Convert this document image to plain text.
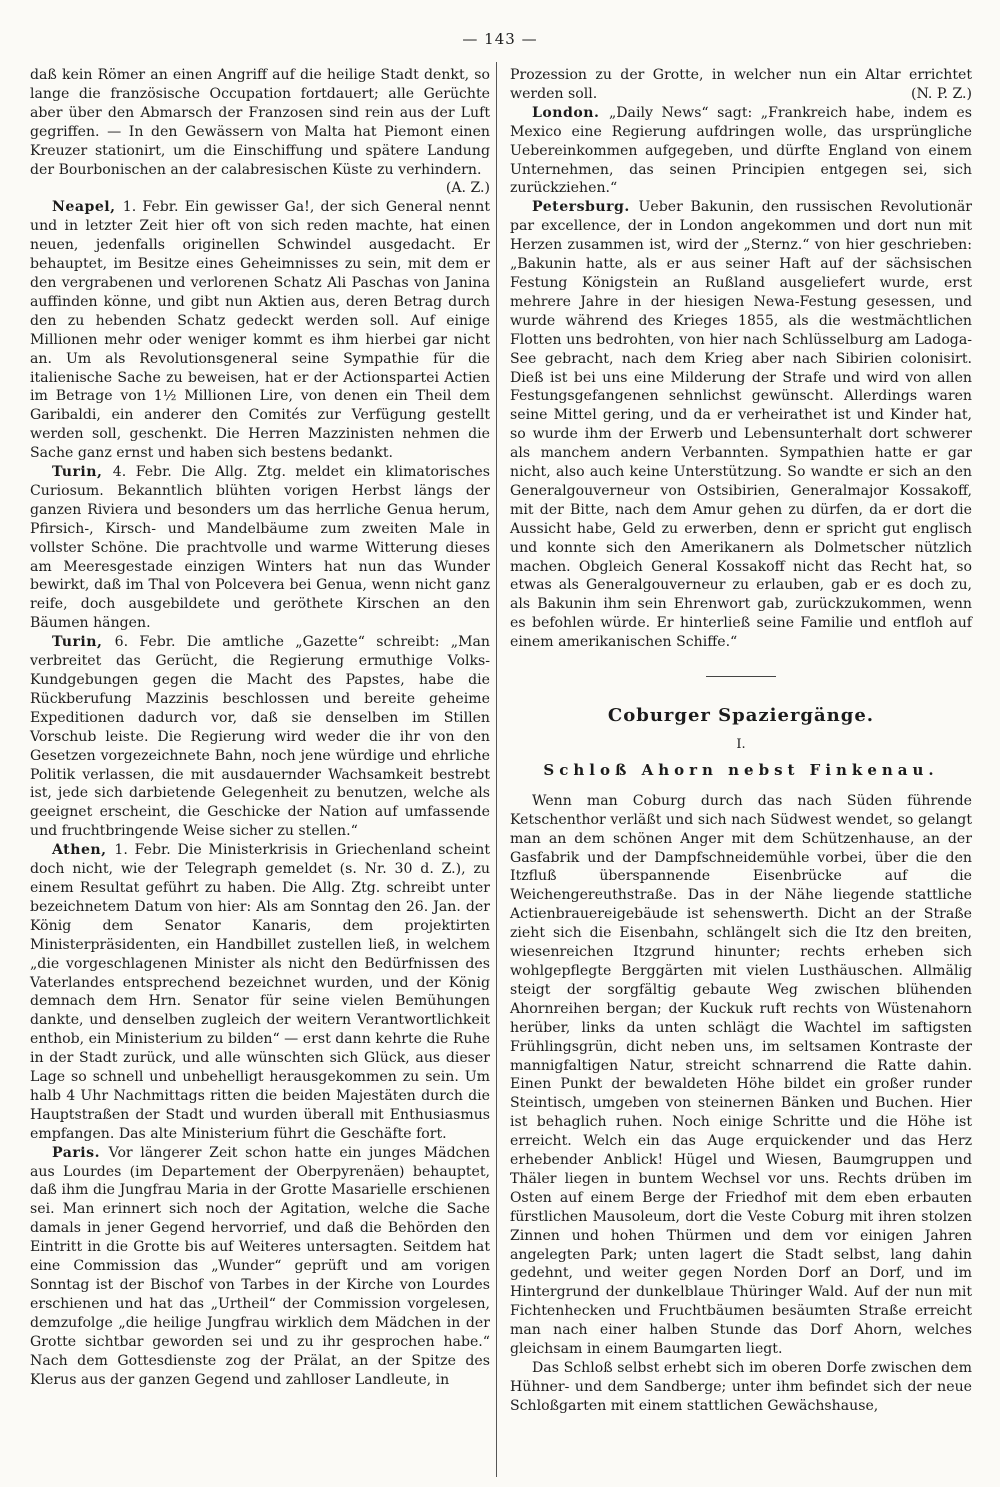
— 143 —

daß kein Römer an einen Angriff auf die heilige Stadt denkt, so lange die französische Occupation fortdauert; alle Gerüchte aber über den Abmarsch der Franzosen sind rein aus der Luft gegriffen. — In den Gewässern von Malta hat Piemont einen Kreuzer stationirt, um die Einschiffung und spätere Landung der Bourbonischen an der calabresischen Küste zu verhindern.
(A. Z.)

Neapel, 1. Febr. Ein gewisser Ga!, der sich General nennt und in letzter Zeit hier oft von sich reden machte, hat einen neuen, jedenfalls originellen Schwindel ausgedacht. Er behauptet, im Besitze eines Geheimnisses zu sein, mit dem er den vergrabenen und verlorenen Schatz Ali Paschas von Janina auffinden könne, und gibt nun Aktien aus, deren Betrag durch den zu hebenden Schatz gedeckt werden soll. Auf einige Millionen mehr oder weniger kommt es ihm hierbei gar nicht an. Um als Revolutionsgeneral seine Sympathie für die italienische Sache zu beweisen, hat er der Actionspartei Actien im Betrage von 1½ Millionen Lire, von denen ein Theil dem Garibaldi, ein anderer den Comités zur Verfügung gestellt werden soll, geschenkt. Die Herren Mazzinisten nehmen die Sache ganz ernst und haben sich bestens bedankt.

Turin, 4. Febr. Die Allg. Ztg. meldet ein klimatorisches Curiosum. Bekanntlich blühten vorigen Herbst längs der ganzen Riviera und besonders um das herrliche Genua herum, Pfirsich-, Kirsch- und Mandelbäume zum zweiten Male in vollster Schöne. Die prachtvolle und warme Witterung dieses am Meeresgestade einzigen Winters hat nun das Wunder bewirkt, daß im Thal von Polcevera bei Genua, wenn nicht ganz reife, doch ausgebildete und geröthete Kirschen an den Bäumen hängen.

Turin, 6. Febr. Die amtliche „Gazette“ schreibt: „Man verbreitet das Gerücht, die Regierung ermuthige Volks-Kundgebungen gegen die Macht des Papstes, habe die Rückberufung Mazzinis beschlossen und bereite geheime Expeditionen dadurch vor, daß sie denselben im Stillen Vorschub leiste. Die Regierung wird weder die ihr von den Gesetzen vorgezeichnete Bahn, noch jene würdige und ehrliche Politik verlassen, die mit ausdauernder Wachsamkeit bestrebt ist, jede sich darbietende Gelegenheit zu benutzen, welche als geeignet erscheint, die Geschicke der Nation auf umfassende und fruchtbringende Weise sicher zu stellen.“

Athen, 1. Febr. Die Ministerkrisis in Griechenland scheint doch nicht, wie der Telegraph gemeldet (s. Nr. 30 d. Z.), zu einem Resultat geführt zu haben. Die Allg. Ztg. schreibt unter bezeichnetem Datum von hier: Als am Sonntag den 26. Jan. der König dem Senator Kanaris, dem projektirten Ministerpräsidenten, ein Handbillet zustellen ließ, in welchem „die vorgeschlagenen Minister als nicht den Bedürfnissen des Vaterlandes entsprechend bezeichnet wurden, und der König demnach dem Hrn. Senator für seine vielen Bemühungen dankte, und denselben zugleich der weitern Verantwortlichkeit enthob, ein Ministerium zu bilden“ — erst dann kehrte die Ruhe in der Stadt zurück, und alle wünschten sich Glück, aus dieser Lage so schnell und unbehelligt herausgekommen zu sein. Um halb 4 Uhr Nachmittags ritten die beiden Majestäten durch die Hauptstraßen der Stadt und wurden überall mit Enthusiasmus empfangen. Das alte Ministerium führt die Geschäfte fort.

Paris. Vor längerer Zeit schon hatte ein junges Mädchen aus Lourdes (im Departement der Oberpyrenäen) behauptet, daß ihm die Jungfrau Maria in der Grotte Masarielle erschienen sei. Man erinnert sich noch der Agitation, welche die Sache damals in jener Gegend hervorrief, und daß die Behörden den Eintritt in die Grotte bis auf Weiteres untersagten. Seitdem hat eine Commission das „Wunder“ geprüft und am vorigen Sonntag ist der Bischof von Tarbes in der Kirche von Lourdes erschienen und hat das „Urtheil“ der Commission vorgelesen, demzufolge „die heilige Jungfrau wirklich dem Mädchen in der Grotte sichtbar geworden sei und zu ihr gesprochen habe.“ Nach dem Gottesdienste zog der Prälat, an der Spitze des Klerus aus der ganzen Gegend und zahlloser Landleute, in

Prozession zu der Grotte, in welcher nun ein Altar errichtet werden soll.	(N. P. Z.)

London. „Daily News“ sagt: „Frankreich habe, indem es Mexico eine Regierung aufdringen wolle, das ursprüngliche Uebereinkommen aufgegeben, und dürfte England von einem Unternehmen, das seinen Principien entgegen sei, sich zurückziehen.“

Petersburg. Ueber Bakunin, den russischen Revolutionär par excellence, der in London angekommen und dort nun mit Herzen zusammen ist, wird der „Sternz.“ von hier geschrieben: „Bakunin hatte, als er aus seiner Haft auf der sächsischen Festung Königstein an Rußland ausgeliefert wurde, erst mehrere Jahre in der hiesigen Newa-Festung gesessen, und wurde während des Krieges 1855, als die westmächtlichen Flotten uns bedrohten, von hier nach Schlüsselburg am Ladoga-See gebracht, nach dem Krieg aber nach Sibirien colonisirt. Dieß ist bei uns eine Milderung der Strafe und wird von allen Festungsgefangenen sehnlichst gewünscht. Allerdings waren seine Mittel gering, und da er verheirathet ist und Kinder hat, so wurde ihm der Erwerb und Lebensunterhalt dort schwerer als manchem andern Verbannten. Sympathien hatte er gar nicht, also auch keine Unterstützung. So wandte er sich an den Generalgouverneur von Ostsibirien, Generalmajor Kossakoff, mit der Bitte, nach dem Amur gehen zu dürfen, da er dort die Aussicht habe, Geld zu erwerben, denn er spricht gut englisch und konnte sich den Amerikanern als Dolmetscher nützlich machen. Obgleich General Kossakoff nicht das Recht hat, so etwas als Generalgouverneur zu erlauben, gab er es doch zu, als Bakunin ihm sein Ehrenwort gab, zurückzukommen, wenn es befohlen würde. Er hinterließ seine Familie und entfloh auf einem amerikanischen Schiffe.“

Coburger Spaziergänge.
I.
Schloß Ahorn nebst Finkenau.

Wenn man Coburg durch das nach Süden führende Ketschenthor verläßt und sich nach Südwest wendet, so gelangt man an dem schönen Anger mit dem Schützenhause, an der Gasfabrik und der Dampfschneidemühle vorbei, über die den Itzfluß überspannende Eisenbrücke auf die Weichengereuthstraße. Das in der Nähe liegende stattliche Actienbrauereigebäude ist sehenswerth. Dicht an der Straße zieht sich die Eisenbahn, schlängelt sich die Itz den breiten, wiesenreichen Itzgrund hinunter; rechts erheben sich wohlgepflegte Berggärten mit vielen Lusthäuschen. Allmälig steigt der sorgfältig gebaute Weg zwischen blühenden Ahornreihen bergan; der Kuckuk ruft rechts von Wüstenahorn herüber, links da unten schlägt die Wachtel im saftigsten Frühlingsgrün, dicht neben uns, im seltsamen Kontraste der mannigfaltigen Natur, streicht schnarrend die Ratte dahin. Einen Punkt der bewaldeten Höhe bildet ein großer runder Steintisch, umgeben von steinernen Bänken und Buchen. Hier ist behaglich ruhen. Noch einige Schritte und die Höhe ist erreicht. Welch ein das Auge erquickender und das Herz erhebender Anblick! Hügel und Wiesen, Baumgruppen und Thäler liegen in buntem Wechsel vor uns. Rechts drüben im Osten auf einem Berge der Friedhof mit dem eben erbauten fürstlichen Mausoleum, dort die Veste Coburg mit ihren stolzen Zinnen und hohen Thürmen und dem vor einigen Jahren angelegten Park; unten lagert die Stadt selbst, lang dahin gedehnt, und weiter gegen Norden Dorf an Dorf, und im Hintergrund der dunkelblaue Thüringer Wald. Auf der nun mit Fichtenhecken und Fruchtbäumen besäumten Straße erreicht man nach einer halben Stunde das Dorf Ahorn, welches gleichsam in einem Baumgarten liegt.

Das Schloß selbst erhebt sich im oberen Dorfe zwischen dem Hühner- und dem Sandberge; unter ihm befindet sich der neue Schloßgarten mit einem stattlichen Gewächshause,
